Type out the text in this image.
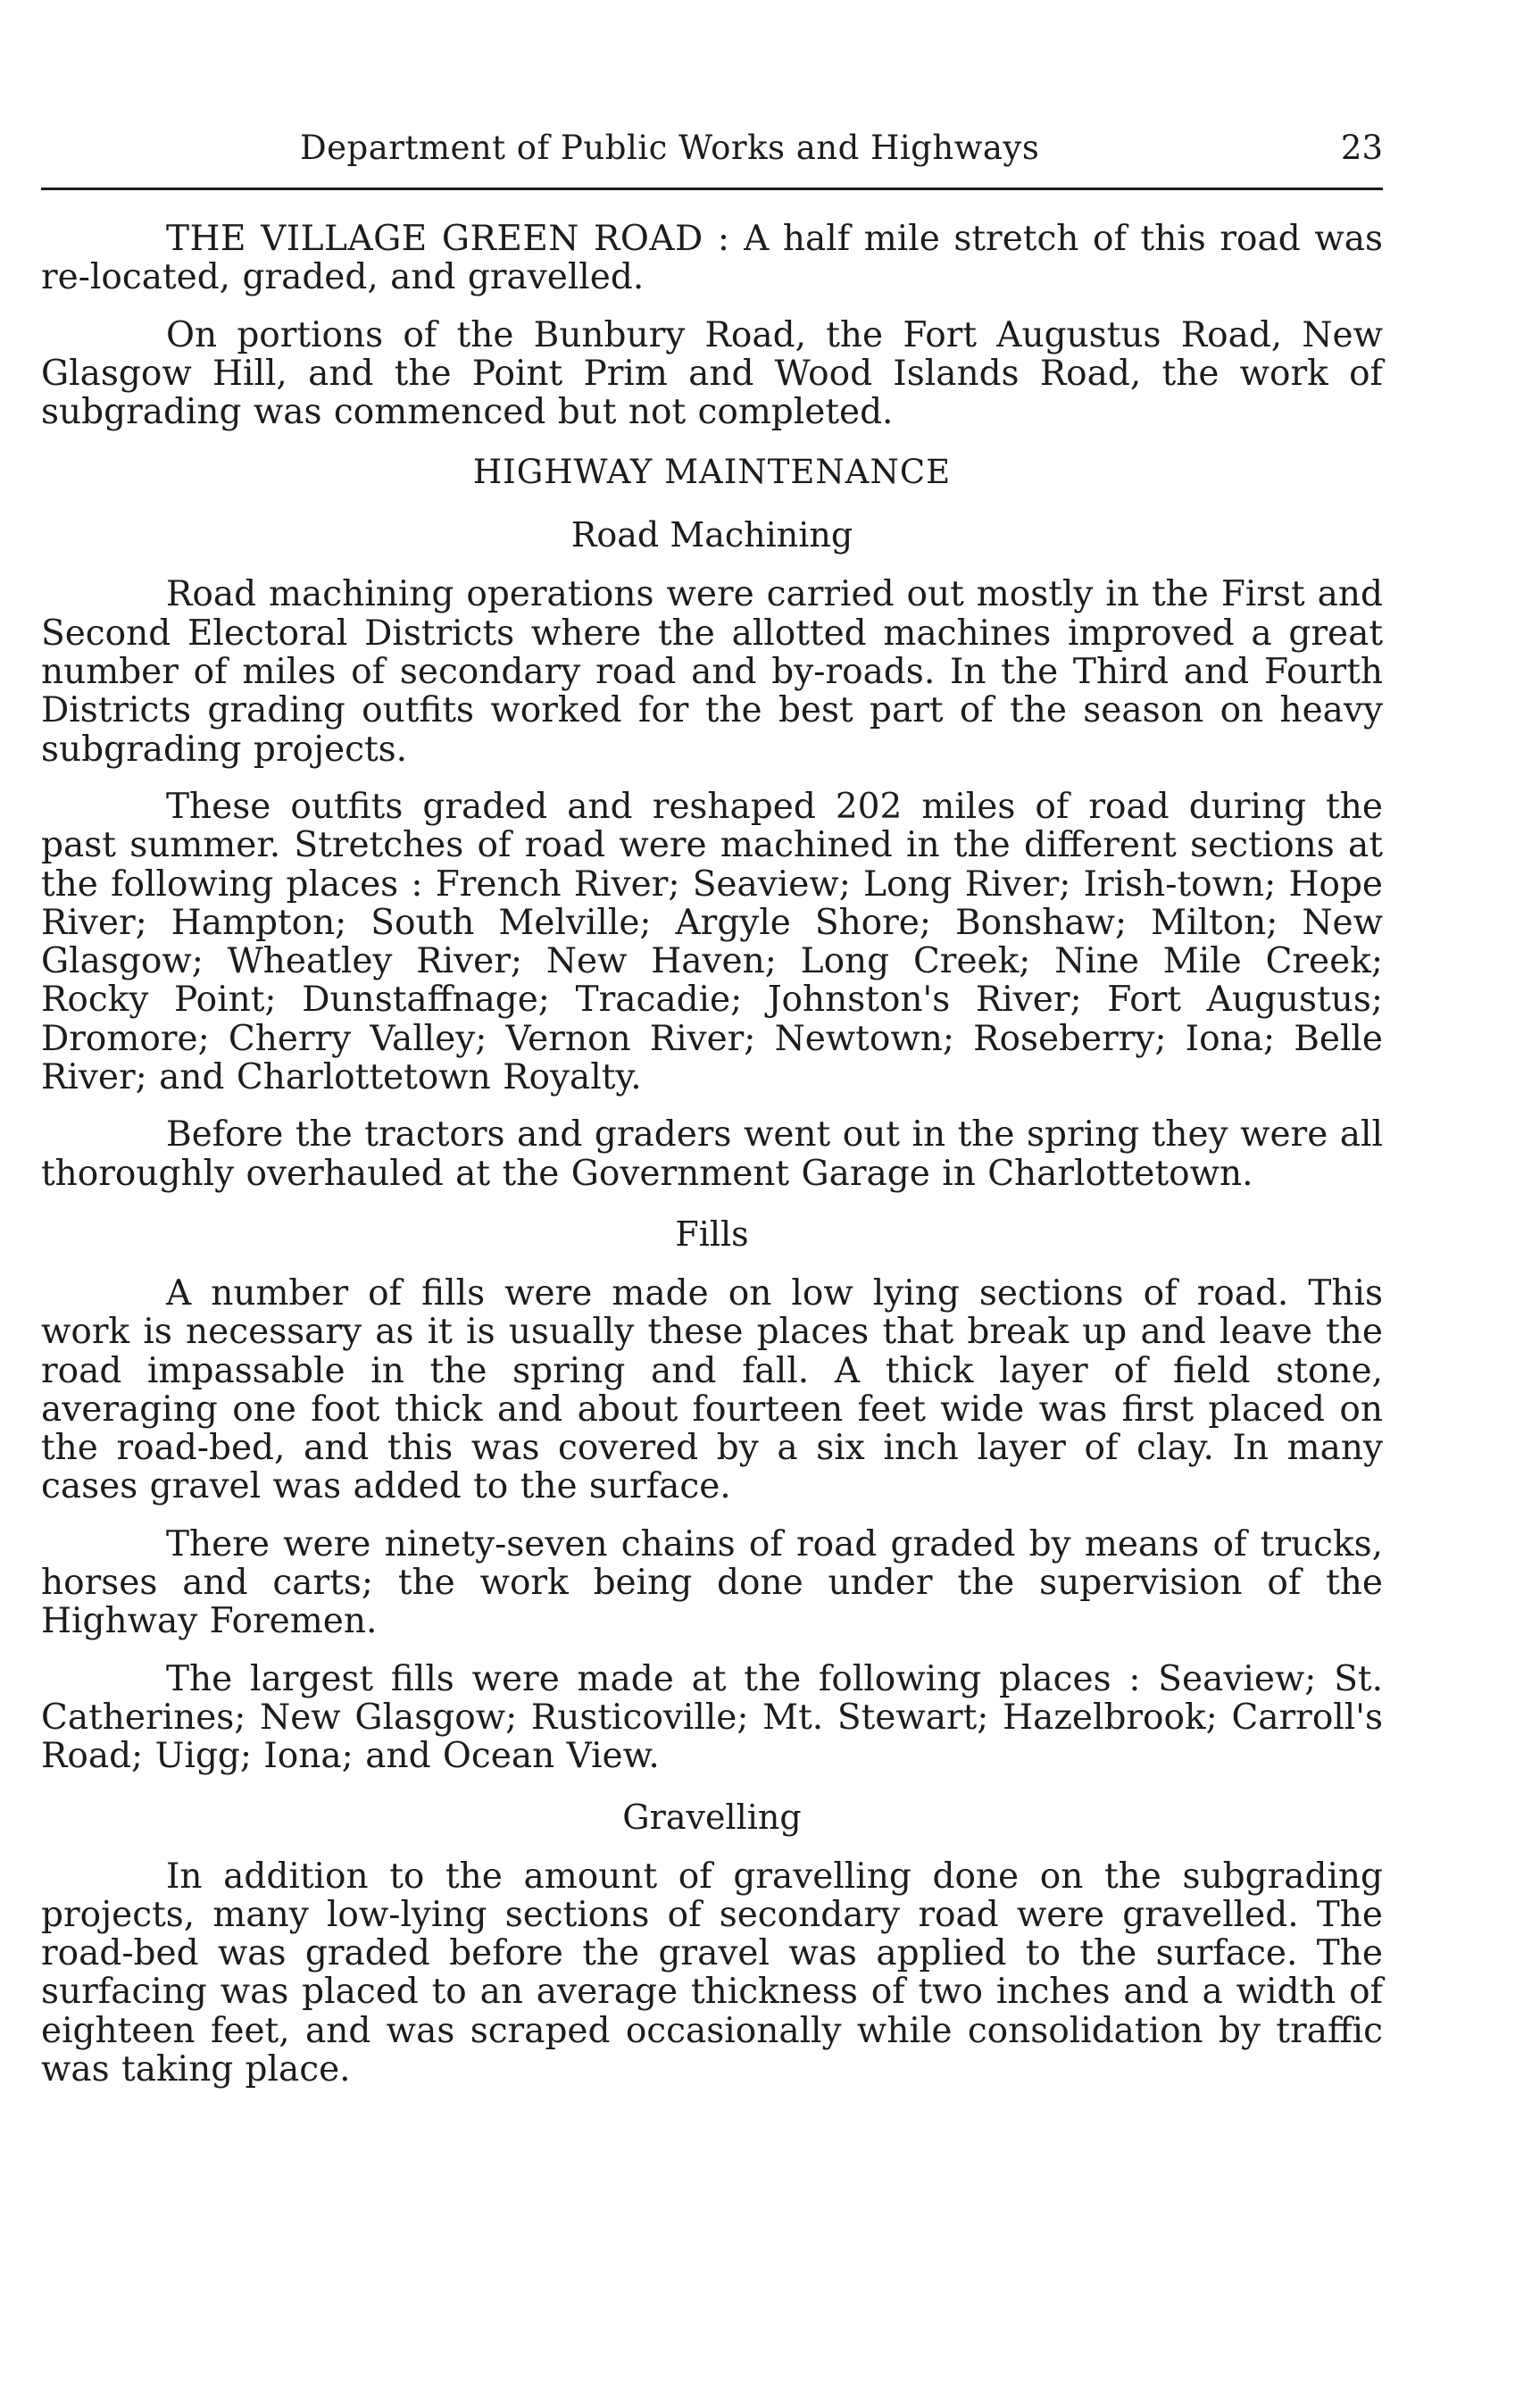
Department of Public Works and Highways	23

THE VILLAGE GREEN ROAD : A half mile stretch of this road was re-located, graded, and gravelled.

On portions of the Bunbury Road, the Fort Augustus Road, New Glasgow Hill, and the Point Prim and Wood Islands Road, the work of subgrading was commenced but not completed.

HIGHWAY MAINTENANCE
Road Machining

Road machining operations were carried out mostly in the First and Second Electoral Districts where the allotted machines improved a great number of miles of secondary road and by-roads. In the Third and Fourth Districts grading outfits worked for the best part of the season on heavy subgrading projects.

These outfits graded and reshaped 202 miles of road during the past summer. Stretches of road were machined in the different sections at the following places : French River; Seaview; Long River; Irish-town; Hope River; Hampton; South Melville; Argyle Shore; Bonshaw; Milton; New Glasgow; Wheatley River; New Haven; Long Creek; Nine Mile Creek; Rocky Point; Dunstaffnage; Tracadie; Johnston's River; Fort Augustus; Dromore; Cherry Valley; Vernon River; Newtown; Roseberry; Iona; Belle River; and Charlottetown Royalty.

Before the tractors and graders went out in the spring they were all thoroughly overhauled at the Government Garage in Charlottetown.

Fills

A number of fills were made on low lying sections of road. This work is necessary as it is usually these places that break up and leave the road impassable in the spring and fall. A thick layer of field stone, averaging one foot thick and about fourteen feet wide was first placed on the road-bed, and this was covered by a six inch layer of clay. In many cases gravel was added to the surface.

There were ninety-seven chains of road graded by means of trucks, horses and carts; the work being done under the supervision of the Highway Foremen.

The largest fills were made at the following places : Seaview; St. Catherines; New Glasgow; Rusticoville; Mt. Stewart; Hazelbrook; Carroll's Road; Uigg; Iona; and Ocean View.

Gravelling

In addition to the amount of gravelling done on the subgrading projects, many low-lying sections of secondary road were gravelled. The road-bed was graded before the gravel was applied to the surface. The surfacing was placed to an average thickness of two inches and a width of eighteen feet, and was scraped occasionally while consolidation by traffic was taking place.
